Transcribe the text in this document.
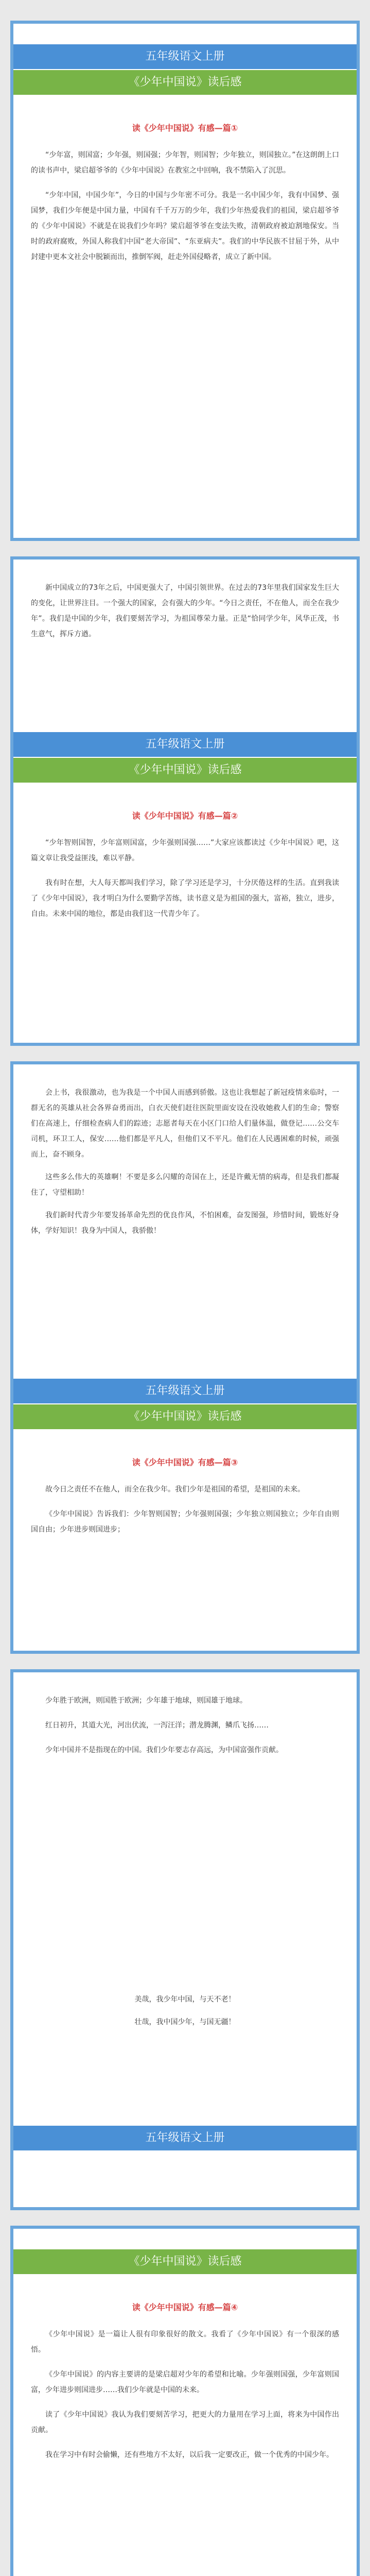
五年级语文上册
《少年中国说》读后感

读《少年中国说》有感—篇①

“少年富，则国富；少年强，则国强；少年智，则国智；少年独立，则国独立。”在这朗朗上口的读书声中，梁启超爷爷的《少年中国说》在教室之中回响，我不禁陷入了沉思。

“少年中国，中国少年”，今日的中国与少年密不可分。我是一名中国少年，我有中国梦、强国梦，我们少年便是中国力量，中国有千千万万的少年，我们少年热爱我们的祖国，梁启超爷爷的《少年中国说》不就是在说我们少年吗？梁启超爷爷在变法失败，清朝政府被迫割地保安。当时的政府腐败，外国人称我们中国“老大帝国”、“东亚病夫”。我们的中华民族不甘屈于外，从中封建中更本文社会中脱颖而出，推倒军阀，赶走外国侵略者，成立了新中国。

新中国成立的73年之后，中国更强大了，中国引领世界。在过去的73年里我们国家发生巨大的变化，让世界注目。一个强大的国家，会有强大的少年。“今日之责任，不在他人，而全在我少年”。我们是中国的少年，我们要刻苦学习，为祖国尊荣力量。正是“恰同学少年，风华正茂，书生意气，挥斥方遒。

五年级语文上册
《少年中国说》读后感

读《少年中国说》有感—篇②

“少年智则国智，少年富则国富，少年强则国强……”大家应该都读过《少年中国说》吧，这篇文章让我受益匪浅，难以平静。

我有时在想，大人每天都叫我们学习，除了学习还是学习，十分厌倦这样的生活。直到我读了《少年中国说》，我才明白为什么要勤学苦练，读书意义是为祖国的强大，富裕，独立，进步，自由。未来中国的地位，都是由我们这一代青少年了。

会上书，我很激动，也为我是一个中国人而感到骄傲。这也让我想起了新冠疫情来临时，一群无名的英雄从社会各界奋勇而出，白衣天使们赶往医院里面安设在没收她救人们的生命；警察们在高速上，仔细检查病人们的踪迹；志愿者每天在小区门口给人们量体温，做登记……公交车司机，环卫工人，保安……他们都是平凡人，但他们又不平凡。他们在人民遇困难的时候，顽强而上，奋不顾身。

这些多么伟大的英雄啊！不要是多么闪耀的奇国在上，还是许戴无情的病毒，但是我们都凝住了，守望相助！

我们新时代青少年要发扬革命先烈的优良作风，不怕困难，奋发图强，珍惜时间，锻炼好身体，学好知识！我身为中国人，我骄傲！

五年级语文上册
《少年中国说》读后感

读《少年中国说》有感—篇③

故今日之责任不在他人，而全在我少年。我们少年是祖国的希望，是祖国的未来。

《少年中国说》告诉我们：少年智则国智；少年强则国强；少年独立则国独立；少年自由则国自由；少年进步则国进步；

少年胜于欧洲，则国胜于欧洲；少年雄于地球，则国雄于地球。

红日初升，其道大光，河出伏流，一泻汪洋；潜龙腾渊，鳞爪飞扬……

少年中国并不是指现在的中国。我们少年要志存高远，为中国富强作贡献。

美哉，我少年中国，与天不老！

壮哉，我中国少年，与国无疆！

五年级语文上册
《少年中国说》读后感

读《少年中国说》有感—篇④

《少年中国说》是一篇让人很有印象很好的散文。我看了《少年中国说》有一个很深的感悟。

《少年中国说》的内容主要讲的是梁启超对少年的希望和比喻。少年强则国强，少年富则国富，少年进步则国进步……我们少年就是中国的未来。

读了《少年中国说》我认为我们要刻苦学习，把更大的力量用在学习上面，将来为中国作出贡献。

我在学习中有时会偷懒，还有些地方不太好，以后我一定要改正，做一个优秀的中国少年。
